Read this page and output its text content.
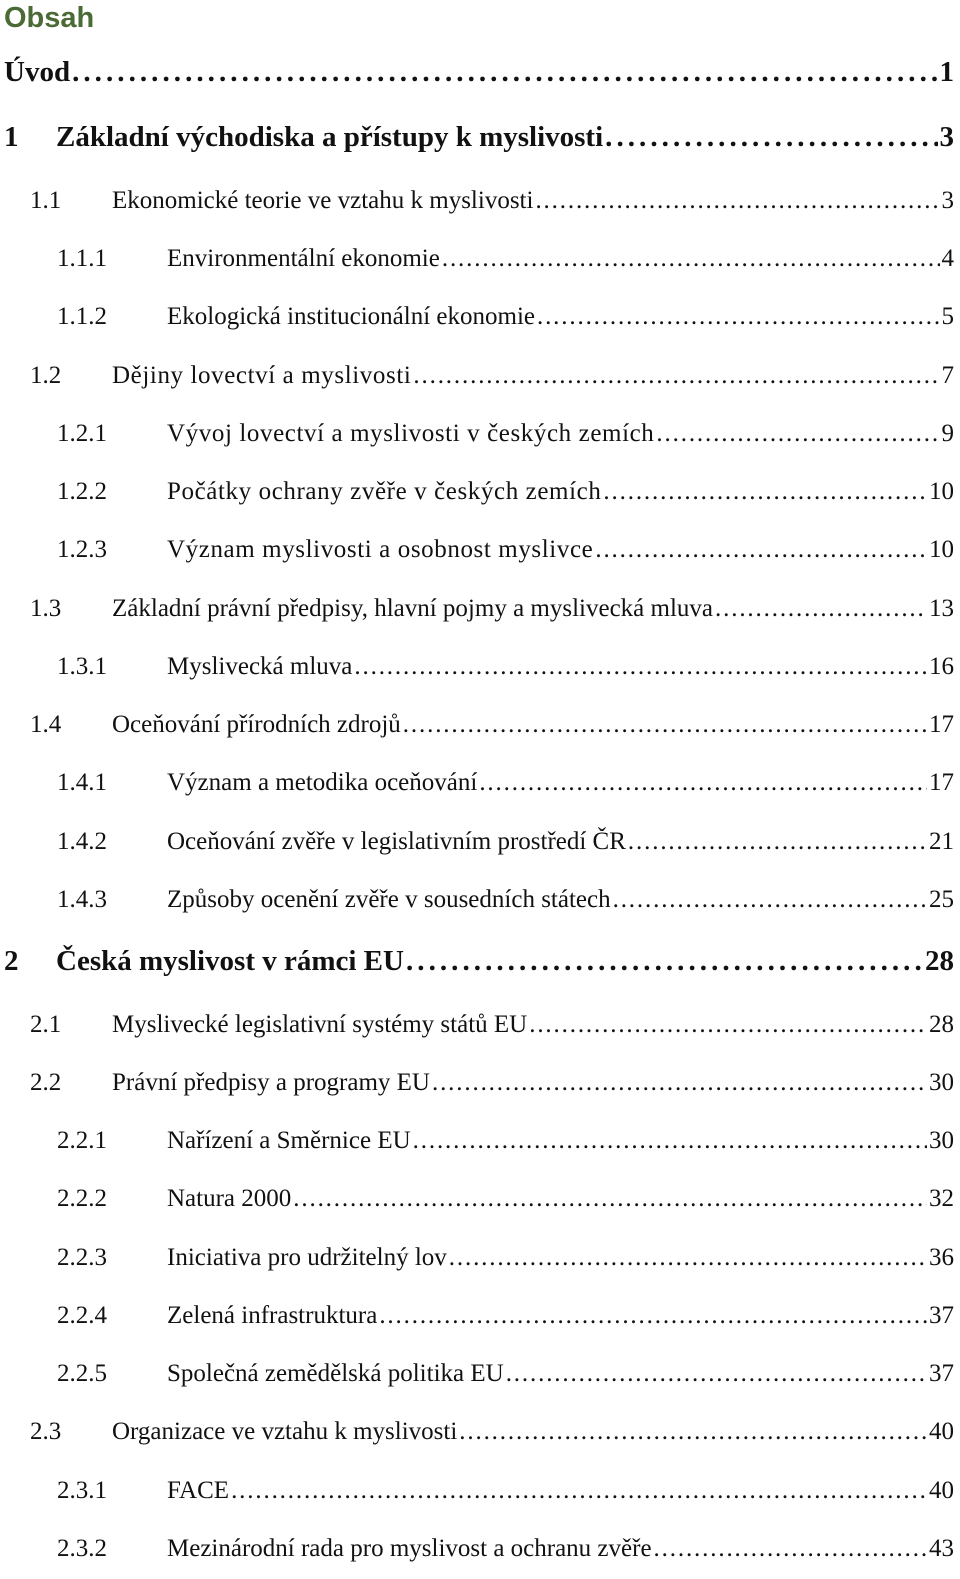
Obsah
Úvod . . .	1
1	Základní východiska a přístupy k myslivosti . . .	3
1.1	Ekonomické teorie ve vztahu k myslivosti . . .	3
1.1.1	Environmentální ekonomie . . .	4
1.1.2	Ekologická institucionální ekonomie . . .	5
1.2	Dějiny lovectví a myslivosti . . .	7
1.2.1	Vývoj lovectví a myslivosti v českých zemích . . .	9
1.2.2	Počátky ochrany zvěře v českých zemích . . .	10
1.2.3	Význam myslivosti a osobnost myslivce . . .	10
1.3	Základní právní předpisy, hlavní pojmy a myslivecká mluva . . .	13
1.3.1	Myslivecká mluva . . .	16
1.4	Oceňování přírodních zdrojů . . .	17
1.4.1	Význam a metodika oceňování . . .	17
1.4.2	Oceňování zvěře v legislativním prostředí ČR . . .	21
1.4.3	Způsoby ocenění zvěře v sousedních státech . . .	25
2	Česká myslivost v rámci EU . . .	28
2.1	Myslivecké legislativní systémy států EU . . .	28
2.2	Právní předpisy a programy EU . . .	30
2.2.1	Nařízení a Směrnice EU . . .	30
2.2.2	Natura 2000 . . .	32
2.2.3	Iniciativa pro udržitelný lov . . .	36
2.2.4	Zelená infrastruktura . . .	37
2.2.5	Společná zemědělská politika EU . . .	37
2.3	Organizace ve vztahu k myslivosti . . .	40
2.3.1	FACE . . .	40
2.3.2	Mezinárodní rada pro myslivost a ochranu zvěře . . .	43
